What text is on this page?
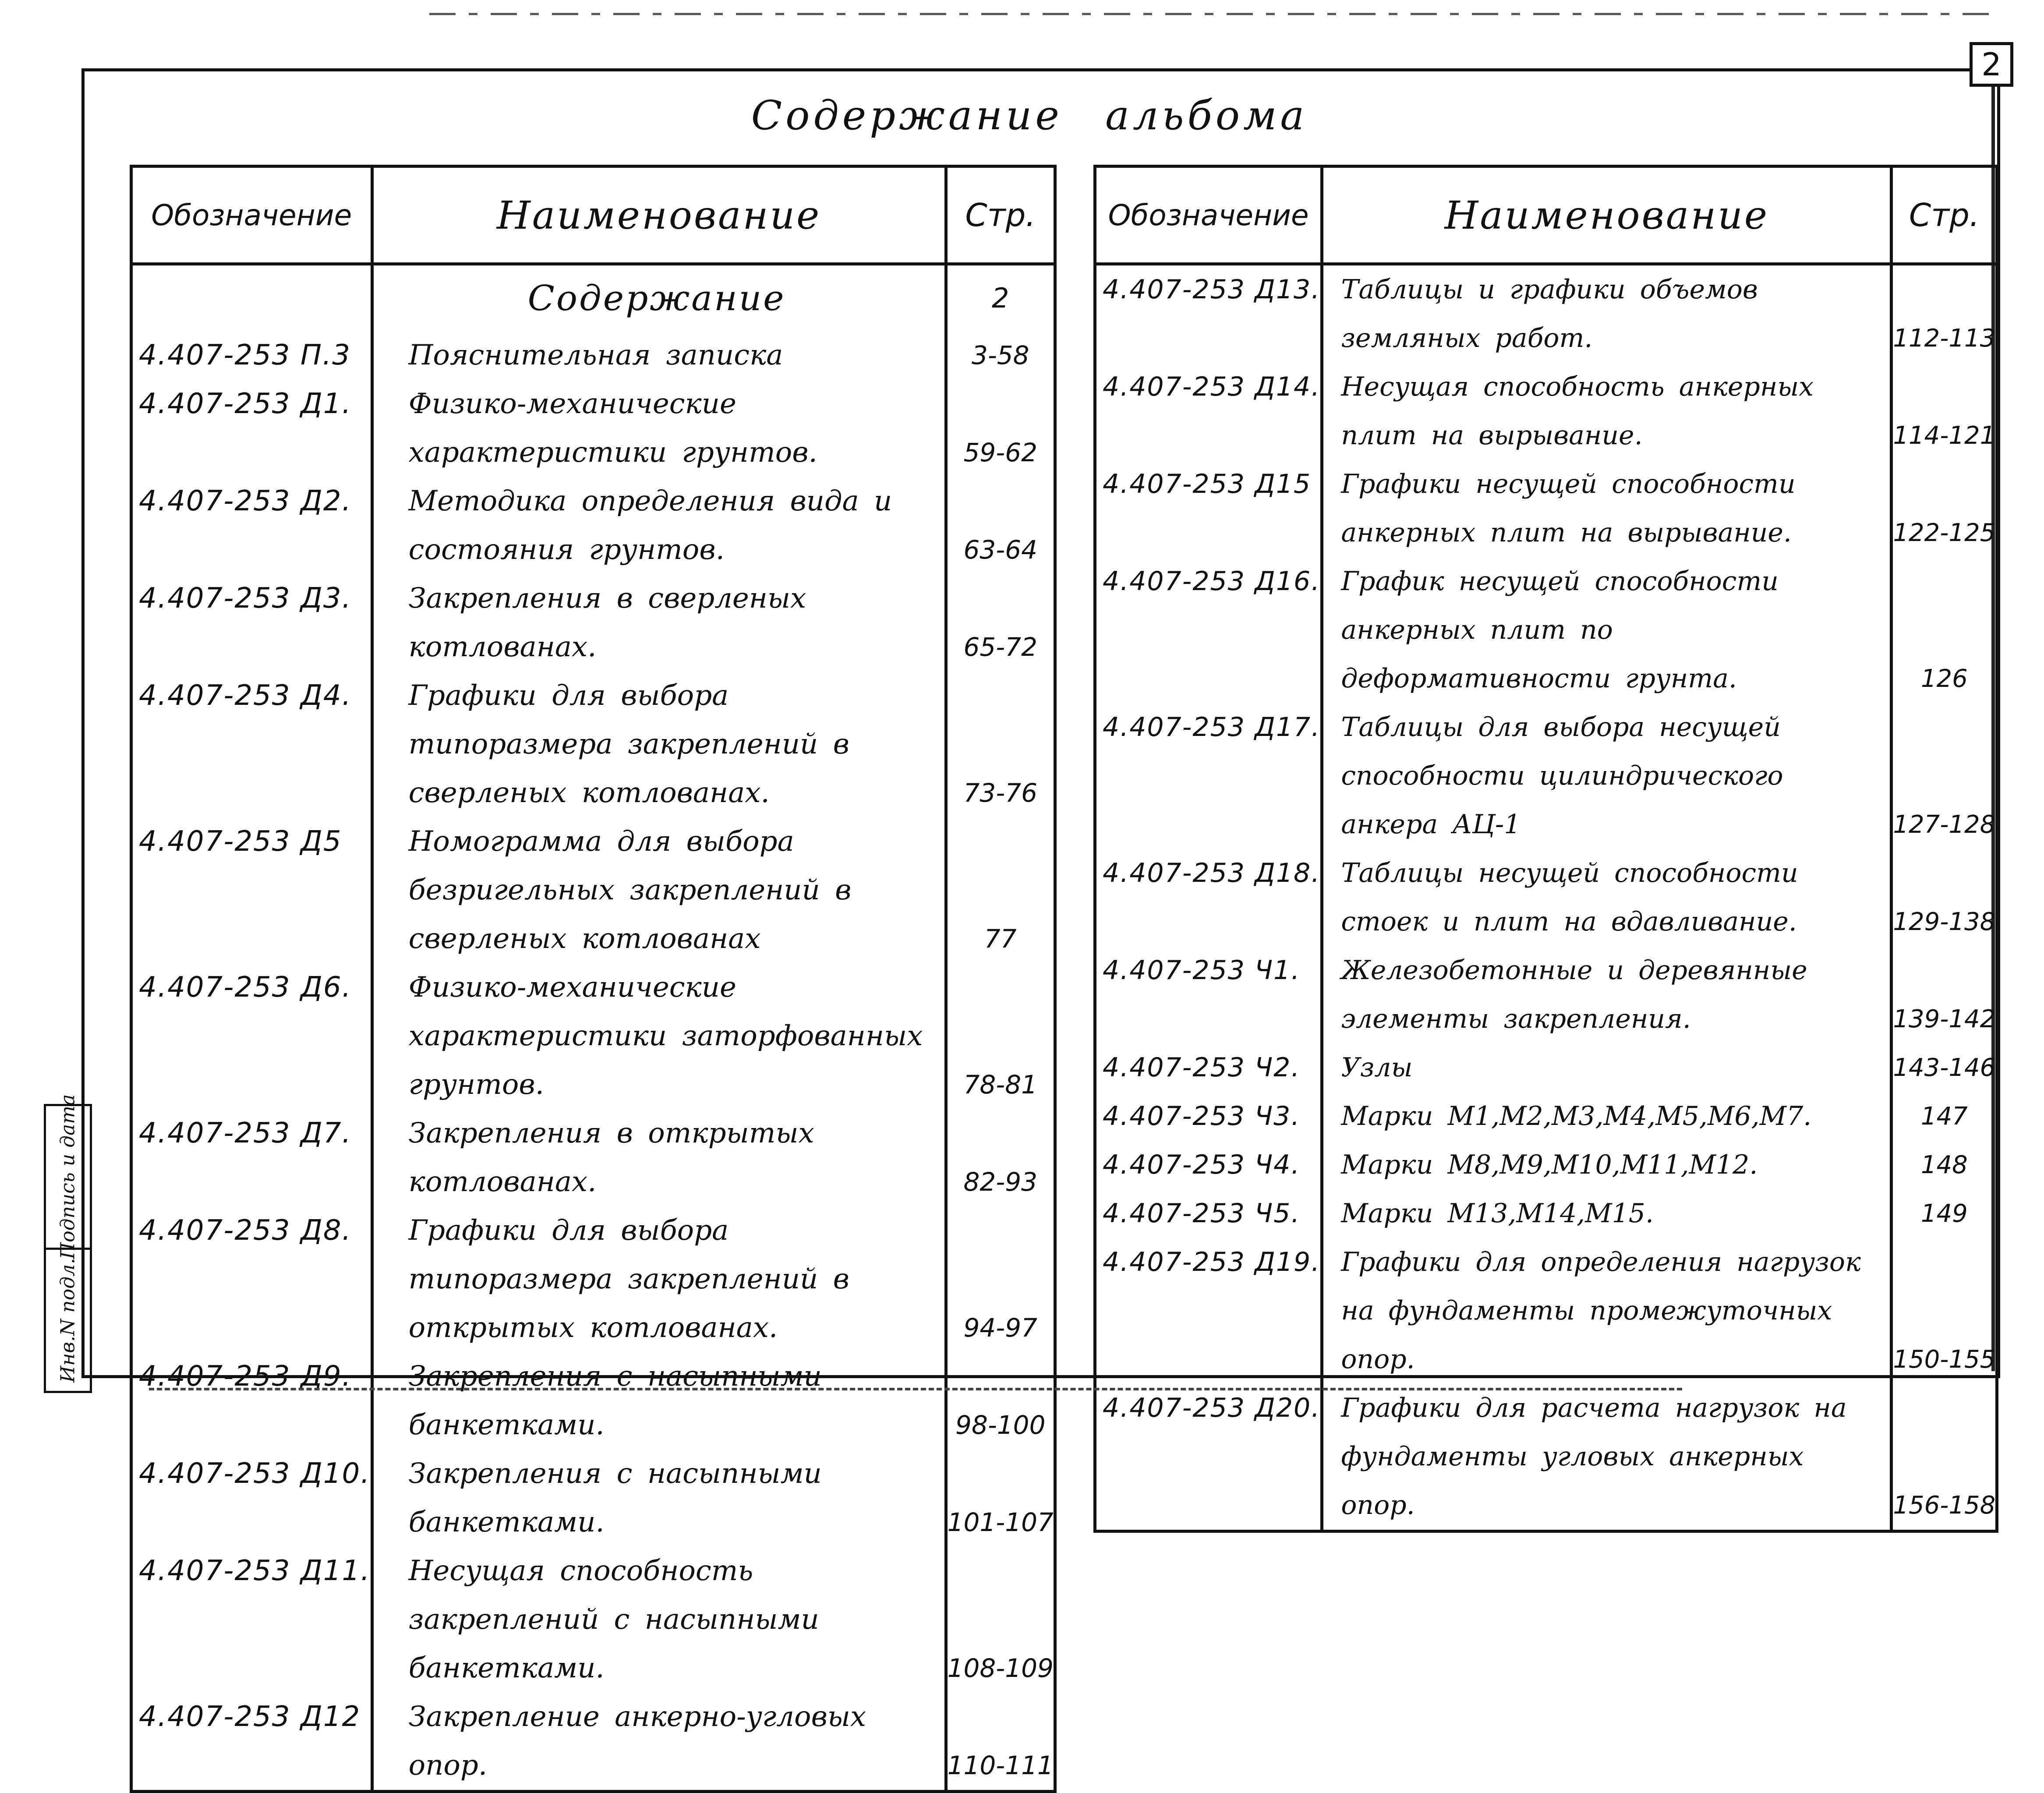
2
Содержание альбома
Обозначение	Наименование	Стр.
	Содержание	2
4.407-253 П.3	Пояснительная записка	3-58
4.407-253 Д1.	Физико-механические характеристики грунтов.	59-62
4.407-253 Д2.	Методика определения вида и состояния грунтов.	63-64
4.407-253 Д3.	Закрепления в сверленых котлованах.	65-72
4.407-253 Д4.	Графики для выбора типоразмера закреплений в сверленых котлованах.	73-76
4.407-253 Д5	Номограмма для выбора безригельных закреплений в сверленых котлованах	77
4.407-253 Д6.	Физико-механические характеристики заторфованных грунтов.	78-81
4.407-253 Д7.	Закрепления в открытых котлованах.	82-93
4.407-253 Д8.	Графики для выбора типоразмера закреплений в открытых котлованах.	94-97
4.407-253 Д9.	Закрепления с насыпными банкетками.	98-100
4.407-253 Д10.	Закрепления с насыпными банкетками.	101-107
4.407-253 Д11.	Несущая способность закреплений с насыпными банкетками.	108-109
4.407-253 Д12	Закрепление анкерно-угловых опор.	110-111
Обозначение	Наименование	Стр.
4.407-253 Д13.	Таблицы и графики объемов земляных работ.	112-113
4.407-253 Д14.	Несущая способность анкерных плит на вырывание.	114-121
4.407-253 Д15	Графики несущей способности анкерных плит на вырывание.	122-125
4.407-253 Д16.	График несущей способности анкерных плит по деформативности грунта.	126
4.407-253 Д17.	Таблицы для выбора несущей способности цилиндрического анкера АЦ-1	127-128
4.407-253 Д18.	Таблицы несущей способности стоек и плит на вдавливание.	129-138
4.407-253 Ч1.	Железобетонные и деревянные элементы закрепления.	139-142
4.407-253 Ч2.	Узлы	143-146
4.407-253 Ч3.	Марки М1,М2,М3,М4,М5,М6,М7.	147
4.407-253 Ч4.	Марки М8,М9,М10,М11,М12.	148
4.407-253 Ч5.	Марки М13,М14,М15.	149
4.407-253 Д19.	Графики для определения нагрузок на фундаменты промежуточных опор.	150-155
4.407-253 Д20.	Графики для расчета нагрузок на фундаменты угловых анкерных опор.	156-158
Подпись и дата
Инв.N подл.
